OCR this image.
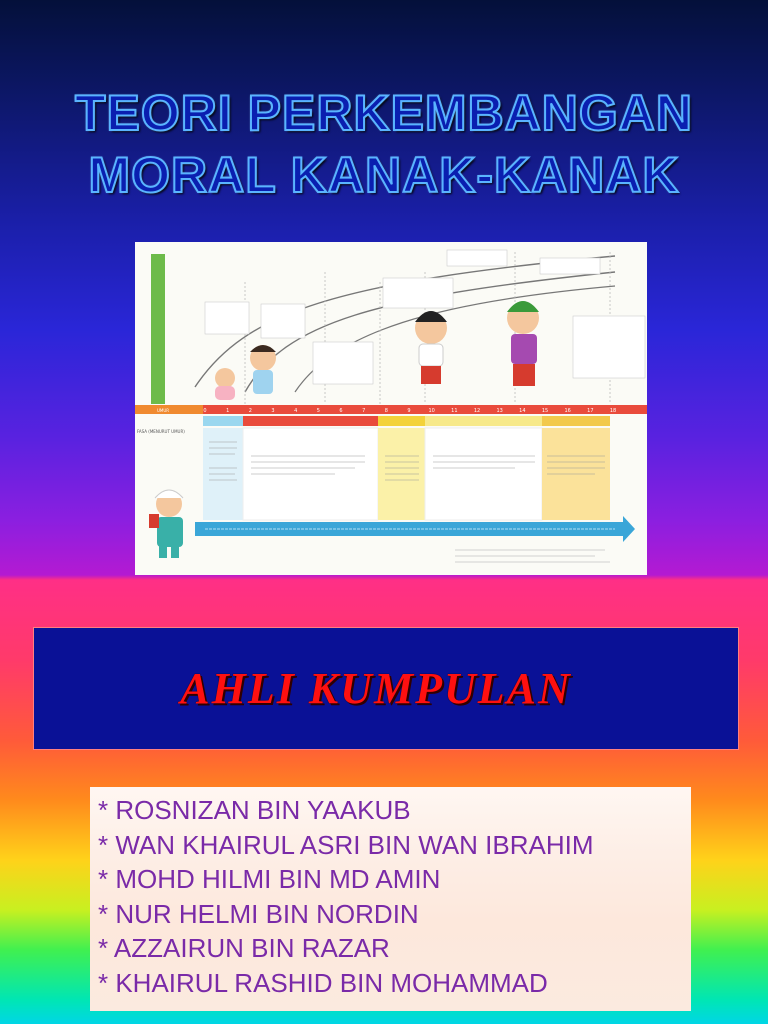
TEORI PERKEMBANGAN
MORAL KANAK-KANAK
UMUR	0	1	2	3	4	5	6	7	8	9	10	11	12	13	14	15	16	17	18
FASA (MENURUT UMUR)
AHLI KUMPULAN
* ROSNIZAN BIN YAAKUB
* WAN KHAIRUL ASRI BIN WAN IBRAHIM
* MOHD HILMI BIN MD AMIN
* NUR HELMI BIN NORDIN
* AZZAIRUN BIN RAZAR
* KHAIRUL RASHID BIN MOHAMMAD
